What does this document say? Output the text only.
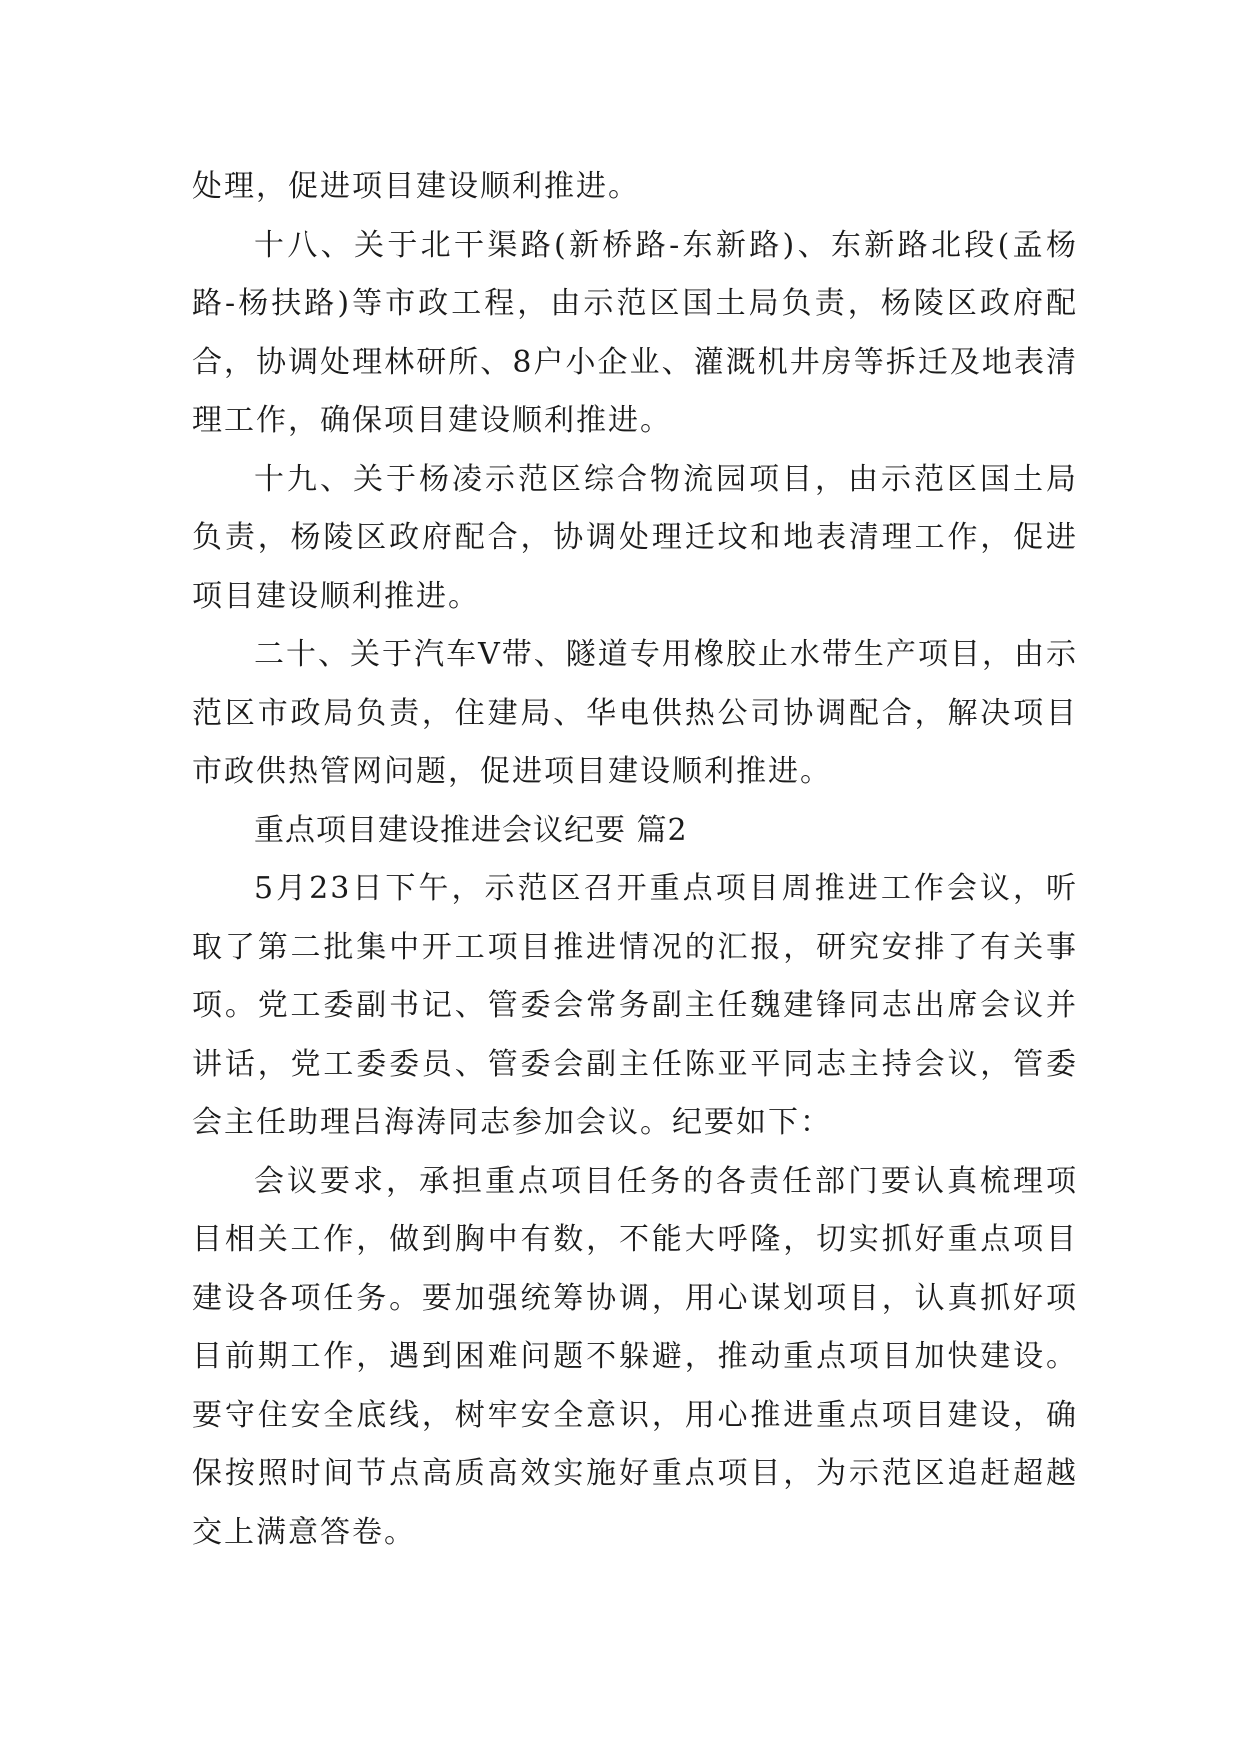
处理，促进项目建设顺利推进。

十八、关于北干渠路(新桥路-东新路)、东新路北段(孟杨路-杨扶路)等市政工程，由示范区国土局负责，杨陵区政府配合，协调处理林研所、8户小企业、灌溉机井房等拆迁及地表清理工作，确保项目建设顺利推进。

十九、关于杨凌示范区综合物流园项目，由示范区国土局负责，杨陵区政府配合，协调处理迁坟和地表清理工作，促进项目建设顺利推进。

二十、关于汽车V带、隧道专用橡胶止水带生产项目，由示范区市政局负责，住建局、华电供热公司协调配合，解决项目市政供热管网问题，促进项目建设顺利推进。

重点项目建设推进会议纪要 篇2

5月23日下午，示范区召开重点项目周推进工作会议，听取了第二批集中开工项目推进情况的汇报，研究安排了有关事项。党工委副书记、管委会常务副主任魏建锋同志出席会议并讲话，党工委委员、管委会副主任陈亚平同志主持会议，管委会主任助理吕海涛同志参加会议。纪要如下：

会议要求，承担重点项目任务的各责任部门要认真梳理项目相关工作，做到胸中有数，不能大呼隆，切实抓好重点项目建设各项任务。要加强统筹协调，用心谋划项目，认真抓好项目前期工作，遇到困难问题不躲避，推动重点项目加快建设。要守住安全底线，树牢安全意识，用心推进重点项目建设，确保按照时间节点高质高效实施好重点项目，为示范区追赶超越交上满意答卷。
